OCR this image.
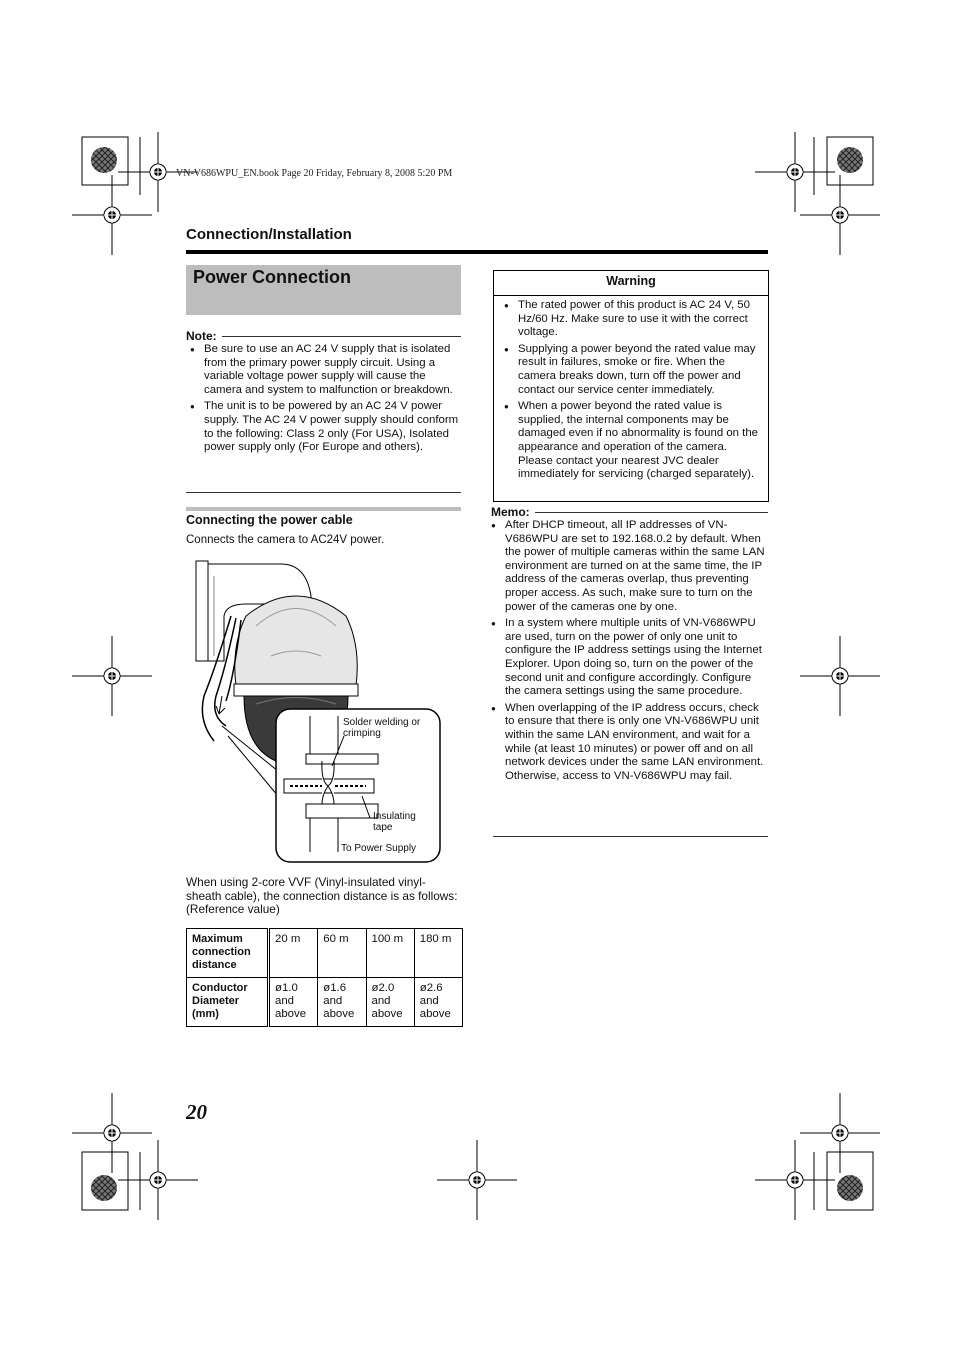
VN-V686WPU_EN.book Page 20 Friday, February 8, 2008 5:20 PM
Connection/Installation
Power Connection
Note:
● Be sure to use an AC 24 V supply that is isolated from the primary power supply circuit. Using a variable voltage power supply will cause the camera and system to malfunction or breakdown.
● The unit is to be powered by an AC 24 V power supply. The AC 24 V power supply should conform to the following: Class 2 only (For USA), Isolated power supply only (For Europe and others).
Connecting the power cable
Connects the camera to AC24V power.
Solder welding or crimping
Insulating tape
To Power Supply
When using 2-core VVF (Vinyl-insulated vinyl-sheath cable), the connection distance is as follows: (Reference value)
Maximum connection distance	20 m	60 m	100 m	180 m
Conductor Diameter (mm)	ø1.0 and above	ø1.6 and above	ø2.0 and above	ø2.6 and above
Warning
● The rated power of this product is AC 24 V, 50 Hz/60 Hz. Make sure to use it with the correct voltage.
● Supplying a power beyond the rated value may result in failures, smoke or fire. When the camera breaks down, turn off the power and contact our service center immediately.
● When a power beyond the rated value is supplied, the internal components may be damaged even if no abnormality is found on the appearance and operation of the camera. Please contact your nearest JVC dealer immediately for servicing (charged separately).
Memo:
● After DHCP timeout, all IP addresses of VN-V686WPU are set to 192.168.0.2 by default. When the power of multiple cameras within the same LAN environment are turned on at the same time, the IP address of the cameras overlap, thus preventing proper access. As such, make sure to turn on the power of the cameras one by one.
● In a system where multiple units of VN-V686WPU are used, turn on the power of only one unit to configure the IP address settings using the Internet Explorer. Upon doing so, turn on the power of the second unit and configure accordingly. Configure the camera settings using the same procedure.
● When overlapping of the IP address occurs, check to ensure that there is only one VN-V686WPU unit within the same LAN environment, and wait for a while (at least 10 minutes) or power off and on all network devices under the same LAN environment. Otherwise, access to VN-V686WPU may fail.
20
